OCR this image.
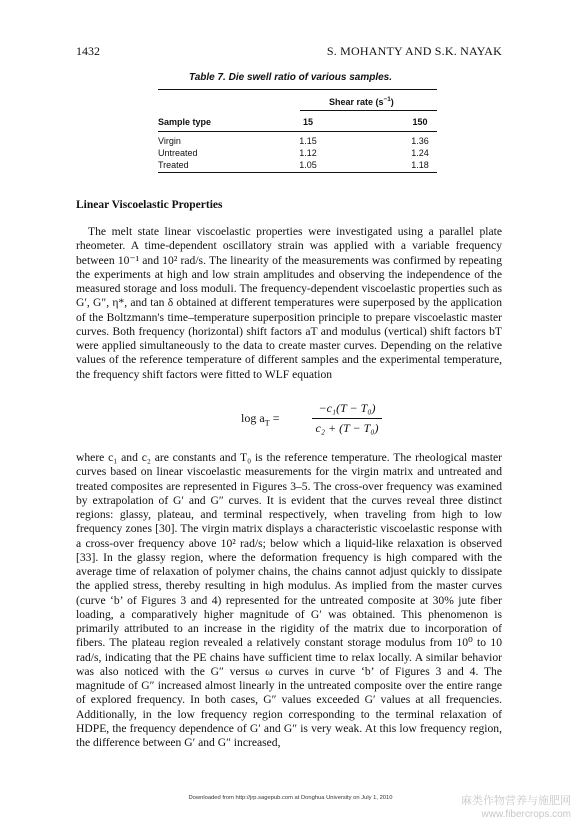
1432	S. MOHANTY AND S.K. NAYAK
Table 7. Die swell ratio of various samples.
Shear rate $(s^{-1})$
Sample type	15	150
Virgin	1.15	1.36
Untreated	1.12	1.24
Treated	1.05	1.18
Linear Viscoelastic Properties

The melt state linear viscoelastic properties were investigated using a parallel plate rheometer. A time-dependent oscillatory strain was applied with a variable frequency between 10⁻¹ and 10² rad/s. The linearity of the measurements was confirmed by repeating the experiments at high and low strain amplitudes and observing the independence of the measured storage and loss moduli. The frequency-dependent viscoelastic properties such as G′, G″, η*, and tan δ obtained at different temperatures were superposed by the application of the Boltzmann's time–temperature superposition principle to prepare viscoelastic master curves. Both frequency (horizontal) shift factors aT and modulus (vertical) shift factors bT were applied simultaneously to the data to create master curves. Depending on the relative values of the reference temperature of different samples and the experimental temperature, the frequency shift factors were fitted to WLF equation

$\log a_T$ =
−c₁(T − T₀)
c₂ + (T − T₀)

where c₁ and c₂ are constants and T₀ is the reference temperature. The rheological master curves based on linear viscoelastic measurements for the virgin matrix and untreated and treated composites are represented in Figures 3–5. The cross-over frequency was examined by extrapolation of G′ and G″ curves. It is evident that the curves reveal three distinct regions: glassy, plateau, and terminal respectively, when traveling from high to low frequency zones [30]. The virgin matrix displays a characteristic viscoelastic response with a cross-over frequency above 10² rad/s; below which a liquid-like relaxation is observed [33]. In the glassy region, where the deformation frequency is high compared with the average time of relaxation of polymer chains, the chains cannot adjust quickly to dissipate the applied stress, thereby resulting in high modulus. As implied from the master curves (curve ‘b’ of Figures 3 and 4) represented for the untreated composite at 30% jute fiber loading, a comparatively higher magnitude of G′ was obtained. This phenomenon is primarily attributed to an increase in the rigidity of the matrix due to incorporation of fibers. The plateau region revealed a relatively constant storage modulus from 10⁰ to 10 rad/s, indicating that the PE chains have sufficient time to relax locally. A similar behavior was also noticed with the G″ versus ω curves in curve ‘b’ of Figures 3 and 4. The magnitude of G″ increased almost linearly in the untreated composite over the entire range of explored frequency. In both cases, G″ values exceeded G′ values at all frequencies. Additionally, in the low frequency region corresponding to the terminal relaxation of HDPE, the frequency dependence of G′ and G″ is very weak. At this low frequency region, the difference between G′ and G″ increased,

Downloaded from http://jrp.sagepub.com at Donghua University on July 1, 2010	麻类作物营养与施肥网
www.fibercrops.com
